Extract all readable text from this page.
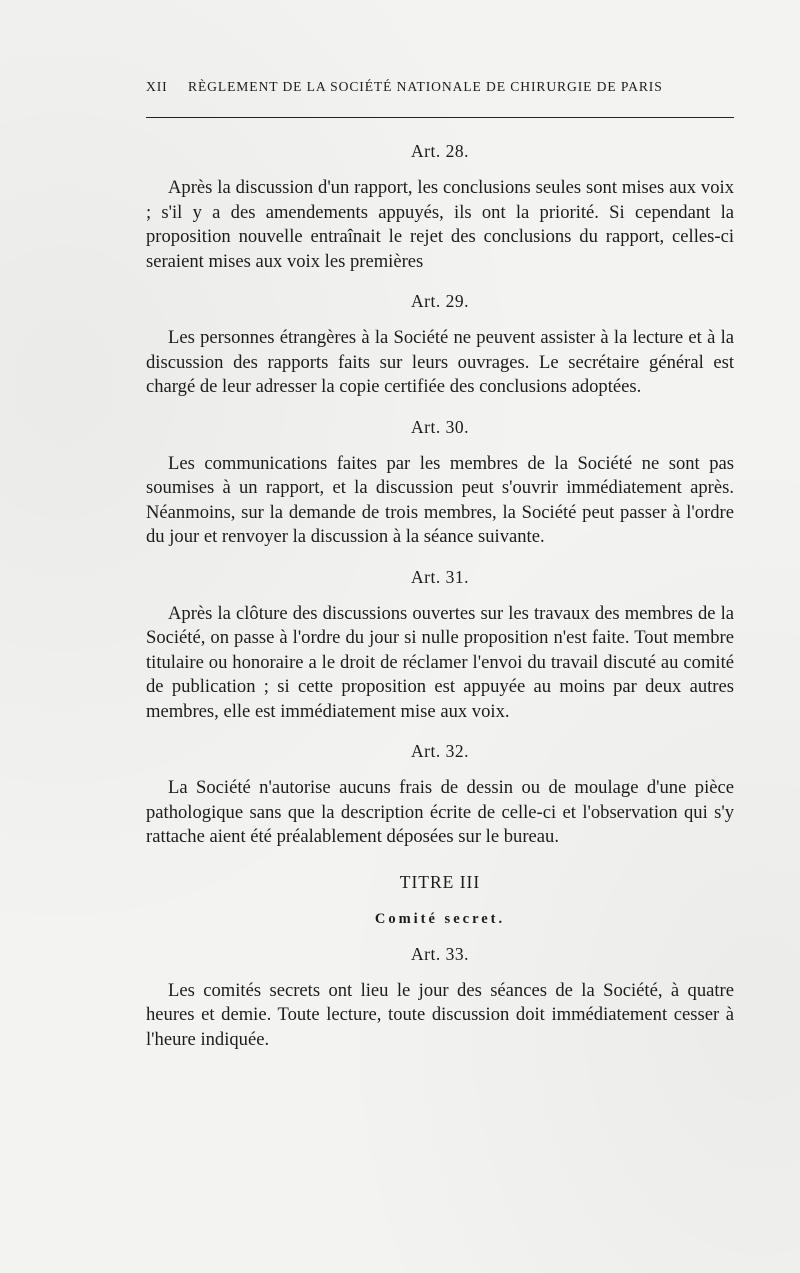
XII	RÈGLEMENT DE LA SOCIÉTÉ NATIONALE DE CHIRURGIE DE PARIS
Art. 28.

Après la discussion d'un rapport, les conclusions seules sont mises aux voix ; s'il y a des amendements appuyés, ils ont la priorité. Si cependant la proposition nouvelle entraînait le rejet des conclusions du rapport, celles-ci seraient mises aux voix les premières

Art. 29.

Les personnes étrangères à la Société ne peuvent assister à la lecture et à la discussion des rapports faits sur leurs ouvrages. Le secrétaire général est chargé de leur adresser la copie certifiée des conclusions adoptées.

Art. 30.

Les communications faites par les membres de la Société ne sont pas soumises à un rapport, et la discussion peut s'ouvrir immédiatement après. Néanmoins, sur la demande de trois membres, la Société peut passer à l'ordre du jour et renvoyer la discussion à la séance suivante.

Art. 31.

Après la clôture des discussions ouvertes sur les travaux des membres de la Société, on passe à l'ordre du jour si nulle proposition n'est faite. Tout membre titulaire ou honoraire a le droit de réclamer l'envoi du travail discuté au comité de publication ; si cette proposition est appuyée au moins par deux autres membres, elle est immédiatement mise aux voix.

Art. 32.

La Société n'autorise aucuns frais de dessin ou de moulage d'une pièce pathologique sans que la description écrite de celle-ci et l'observation qui s'y rattache aient été préalablement déposées sur le bureau.

TITRE III
Comité secret.
Art. 33.

Les comités secrets ont lieu le jour des séances de la Société, à quatre heures et demie. Toute lecture, toute discussion doit immédiatement cesser à l'heure indiquée.
